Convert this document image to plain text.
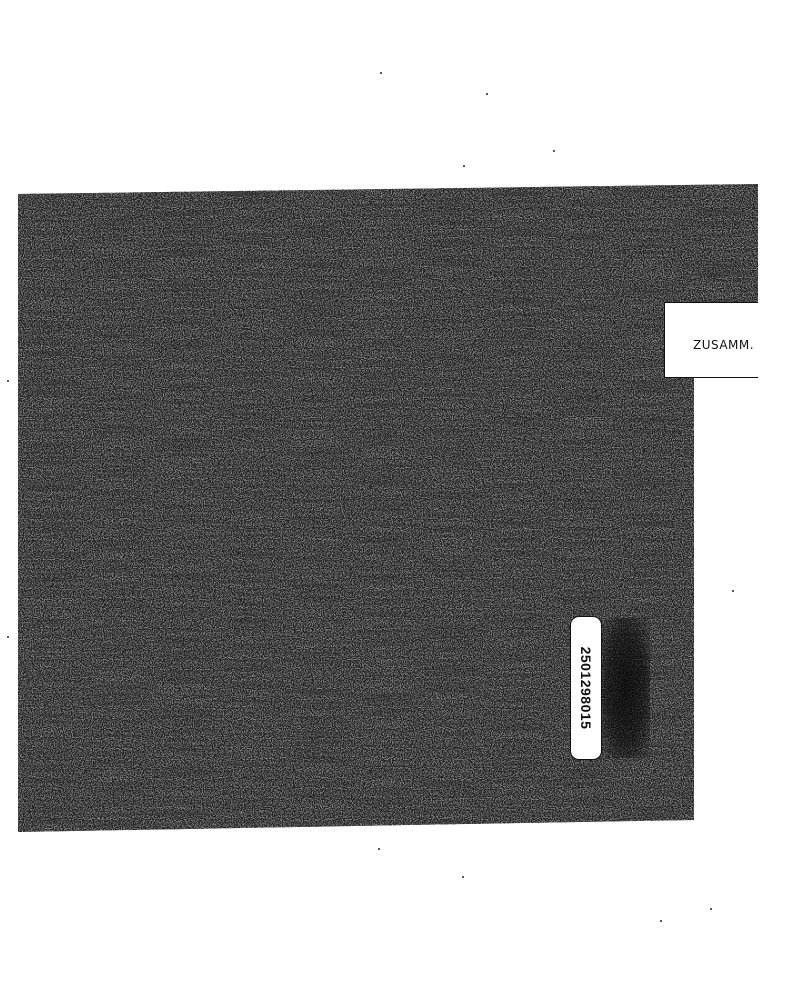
ZUSAMM.
2501298015
